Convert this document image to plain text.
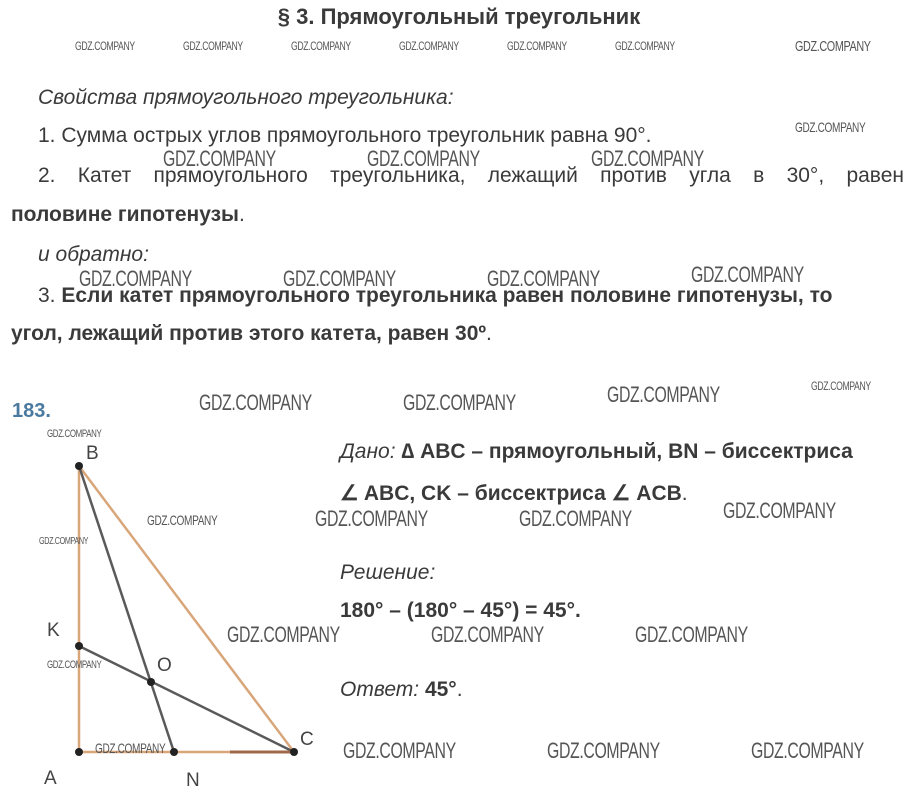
§ 3. Прямоугольный треугольник
Свойства прямоугольного треугольника:
1. Сумма острых углов прямоугольного треугольник равна 90°.
2. Катет прямоугольного треугольника, лежащий против угла в 30°, равен
половине гипотенузы.
и обратно:
3. Если катет прямоугольного треугольника равен половине гипотенузы, то
угол, лежащий против этого катета, равен 30º.
183.
Дано: ∆ ABC – прямоугольный, BN – биссектриса
∠ ABC, CK – биссектриса ∠ ACB.
Решение:
180° – (180° – 45°) = 45°.
Ответ: 45°.
B
A
C
K
N
O
GDZ.COMPANY	GDZ.COMPANY	GDZ.COMPANY	GDZ.COMPANY	GDZ.COMPANY	GDZ.COMPANY	GDZ.COMPANY
GDZ.COMPANY
GDZ.COMPANY	GDZ.COMPANY	GDZ.COMPANY
GDZ.COMPANY	GDZ.COMPANY	GDZ.COMPANY	GDZ.COMPANY
GDZ.COMPANY
GDZ.COMPANY	GDZ.COMPANY	GDZ.COMPANY
GDZ.COMPANY
GDZ.COMPANY
GDZ.COMPANY	GDZ.COMPANY	GDZ.COMPANY
GDZ.COMPANY
GDZ.COMPANY	GDZ.COMPANY	GDZ.COMPANY
GDZ.COMPANY
GDZ.COMPANY	GDZ.COMPANY	GDZ.COMPANY	GDZ.COMPANY
